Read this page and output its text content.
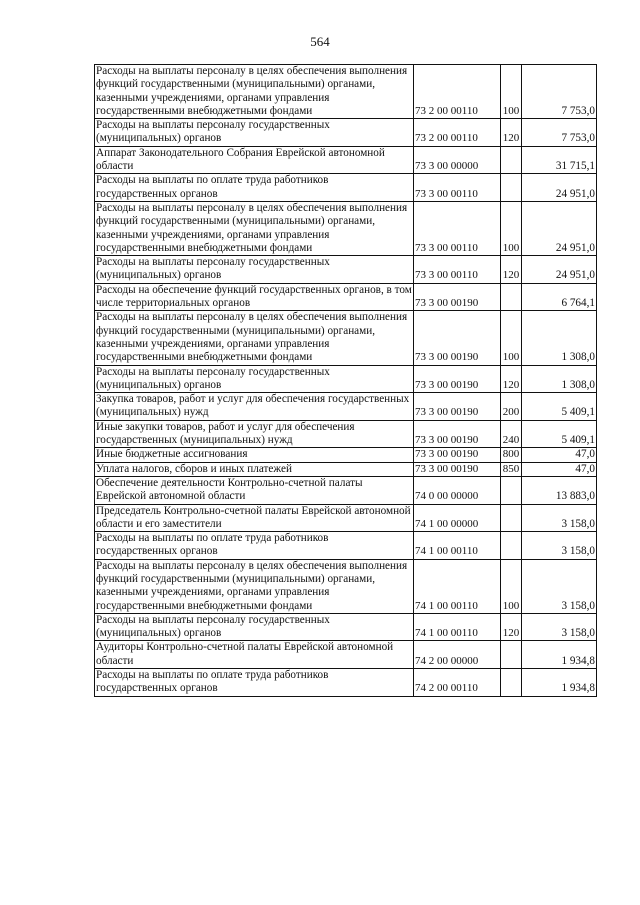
564
Расходы на выплаты персоналу в целях обеспечения выполнения функций государственными (муниципальными) органами, казенными учреждениями, органами управления государственными внебюджетными фондами	73 2 00 00110	100	7 753,0
Расходы на выплаты персоналу государственных (муниципальных) органов	73 2 00 00110	120	7 753,0
Аппарат Законодательного Собрания Еврейской автономной области	73 3 00 00000		31 715,1
Расходы на выплаты по оплате труда работников государственных органов	73 3 00 00110		24 951,0
Расходы на выплаты персоналу в целях обеспечения выполнения функций государственными (муниципальными) органами, казенными учреждениями, органами управления государственными внебюджетными фондами	73 3 00 00110	100	24 951,0
Расходы на выплаты персоналу государственных (муниципальных) органов	73 3 00 00110	120	24 951,0
Расходы на обеспечение функций государственных органов, в том числе территориальных органов	73 3 00 00190		6 764,1
Расходы на выплаты персоналу в целях обеспечения выполнения функций государственными (муниципальными) органами, казенными учреждениями, органами управления государственными внебюджетными фондами	73 3 00 00190	100	1 308,0
Расходы на выплаты персоналу государственных (муниципальных) органов	73 3 00 00190	120	1 308,0
Закупка товаров, работ и услуг для обеспечения государственных (муниципальных) нужд	73 3 00 00190	200	5 409,1
Иные закупки товаров, работ и услуг для обеспечения государственных (муниципальных) нужд	73 3 00 00190	240	5 409,1
Иные бюджетные ассигнования	73 3 00 00190	800	47,0
Уплата налогов, сборов и иных платежей	73 3 00 00190	850	47,0
Обеспечение деятельности Контрольно-счетной палаты Еврейской автономной области	74 0 00 00000		13 883,0
Председатель Контрольно-счетной палаты Еврейской автономной области и его заместители	74 1 00 00000		3 158,0
Расходы на выплаты по оплате труда работников государственных органов	74 1 00 00110		3 158,0
Расходы на выплаты персоналу в целях обеспечения выполнения функций государственными (муниципальными) органами, казенными учреждениями, органами управления государственными внебюджетными фондами	74 1 00 00110	100	3 158,0
Расходы на выплаты персоналу государственных (муниципальных) органов	74 1 00 00110	120	3 158,0
Аудиторы Контрольно-счетной палаты Еврейской автономной области	74 2 00 00000		1 934,8
Расходы на выплаты по оплате труда работников государственных органов	74 2 00 00110		1 934,8
